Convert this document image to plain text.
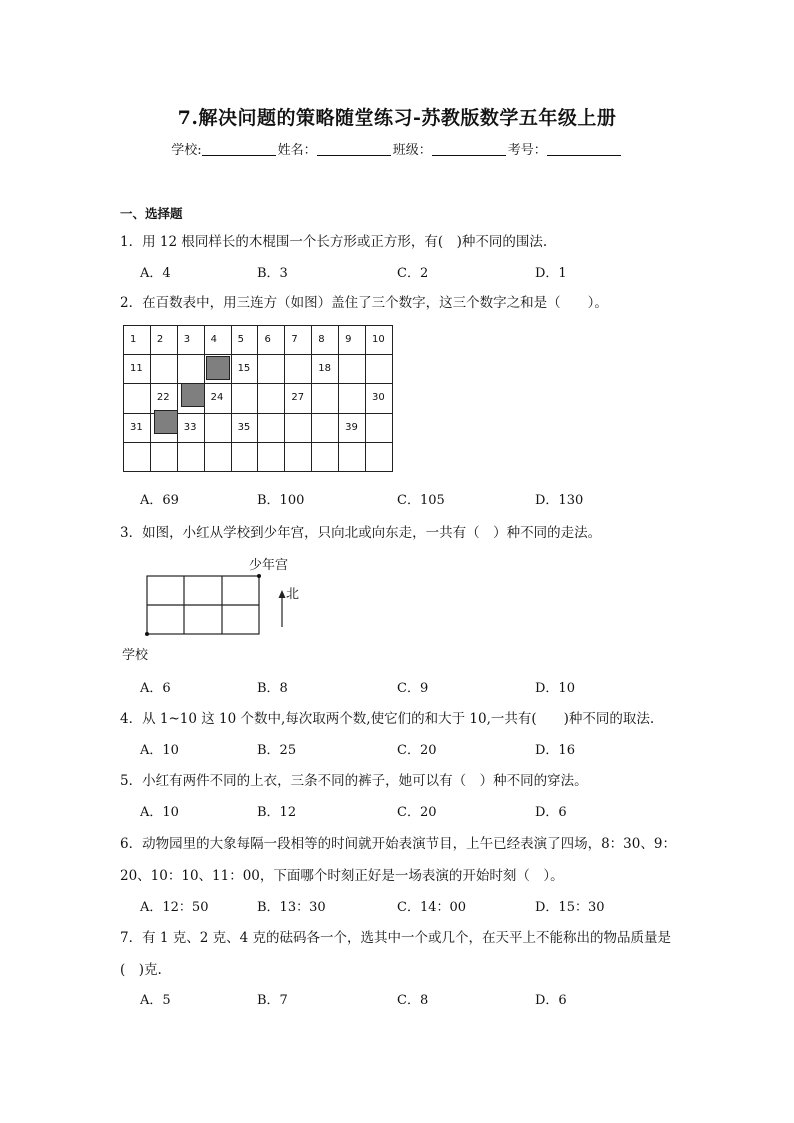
7.解决问题的策略随堂练习-苏教版数学五年级上册
学校:	姓名：	班级：	考号：
一、选择题
1．用 12 根同样长的木棍围一个长方形或正方形，有(　)种不同的围法.
A．4	B．3	C．2	D．1
2．在百数表中，用三连方（如图）盖住了三个数字，这三个数字之和是（　　）。
1	2	3	4	5	6	7	8	9	10

11				15			18		

	22		24			27			30

31		33		35				39	

A．69	B．100	C．105	D．130
3．如图，小红从学校到少年宫，只向北或向东走，一共有（　）种不同的走法。
少年宫
北
学校
A．6	B．8	C．9	D．10
4．从 1~10 这 10 个数中,每次取两个数,使它们的和大于 10,一共有(　　)种不同的取法.
A．10	B．25	C．20	D．16
5．小红有两件不同的上衣，三条不同的裤子，她可以有（　）种不同的穿法。
A．10	B．12	C．20	D．6
6．动物园里的大象每隔一段相等的时间就开始表演节目，上午已经表演了四场，8：30、9：
20、10：10、11：00，下面哪个时刻正好是一场表演的开始时刻（　）。
A．12：50	B．13：30	C．14：00	D．15：30
7．有 1 克、2 克、4 克的砝码各一个，选其中一个或几个，在天平上不能称出的物品质量是
(　)克.
A．5	B．7	C．8	D．6
